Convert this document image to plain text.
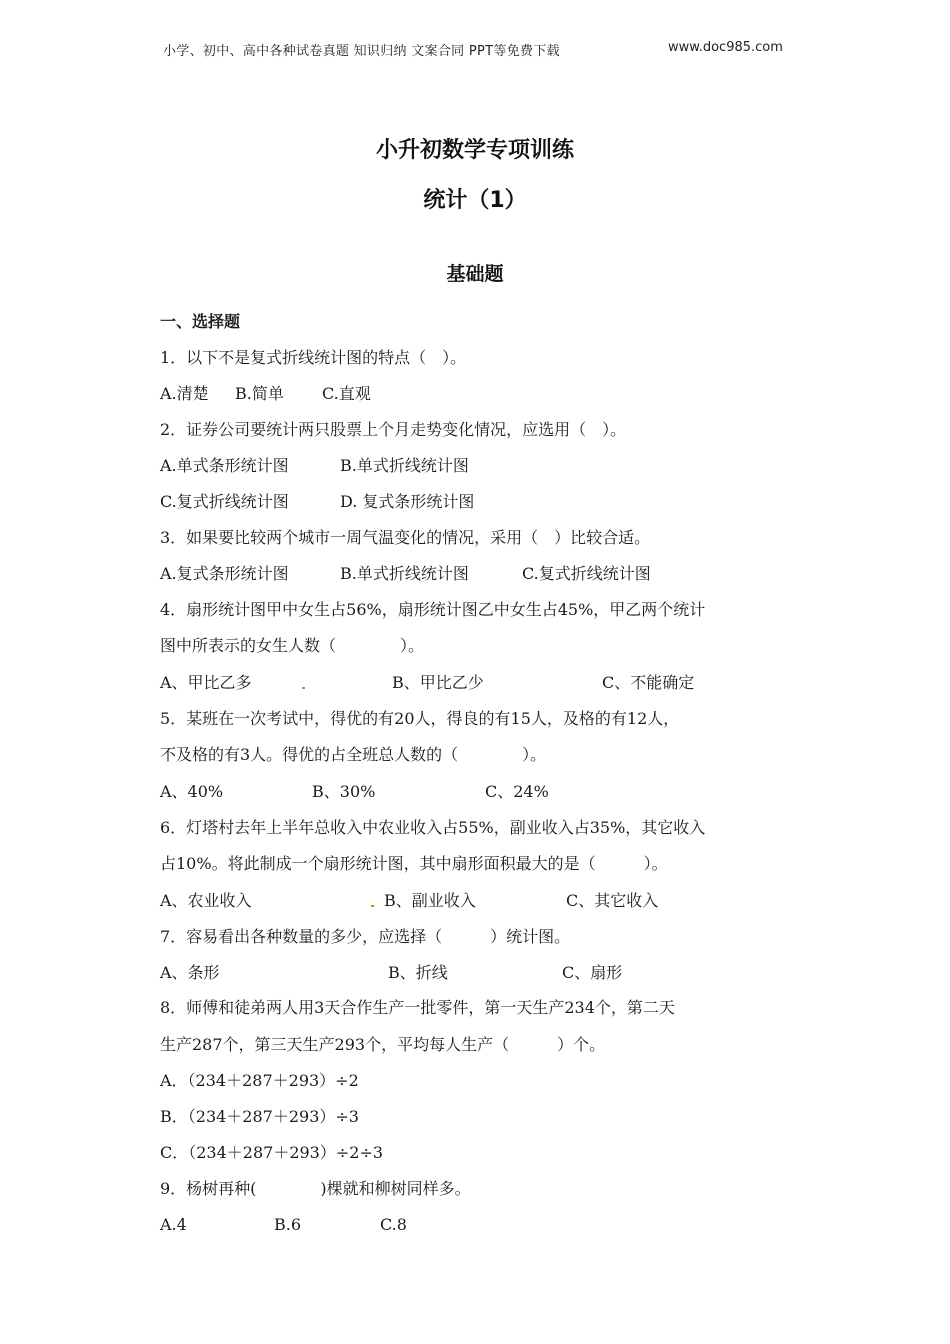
小学、初中、高中各种试卷真题 知识归纳 文案合同 PPT等免费下载	www.doc985.com
小升初数学专项训练
统计（1）
基础题
一、选择题
1．以下不是复式折线统计图的特点（　）。
A.清楚 B.简单 C.直观
2．证券公司要统计两只股票上个月走势变化情况，应选用（　）。
A.单式条形统计图	B.单式折线统计图
C.复式折线统计图	D. 复式条形统计图
3．如果要比较两个城市一周气温变化的情况，采用（　）比较合适。
A.复式条形统计图	B.单式折线统计图	C.复式折线统计图
4．扇形统计图甲中女生占56%，扇形统计图乙中女生占45%，甲乙两个统计
图中所表示的女生人数（　　　　）。
A、甲比乙多	B、甲比乙少	C、不能确定
5．某班在一次考试中，得优的有20人，得良的有15人，及格的有12人，
不及格的有3人。得优的占全班总人数的（　　　　）。
A、40%	B、30%	C、24%
6．灯塔村去年上半年总收入中农业收入占55%，副业收入占35%，其它收入
占10%。将此制成一个扇形统计图，其中扇形面积最大的是（　　　）。
A、农业收入	B、副业收入	C、其它收入
7．容易看出各种数量的多少，应选择（　　　）统计图。
A、条形	B、折线	C、扇形
8．师傅和徒弟两人用3天合作生产一批零件，第一天生产234个，第二天
生产287个，第三天生产293个，平均每人生产（　　　）个。
A．（234＋287＋293）÷2
B．（234＋287＋293）÷3
C．（234＋287＋293）÷2÷3
9．杨树再种(　　　　)棵就和柳树同样多。
A.4	B.6	C.8
